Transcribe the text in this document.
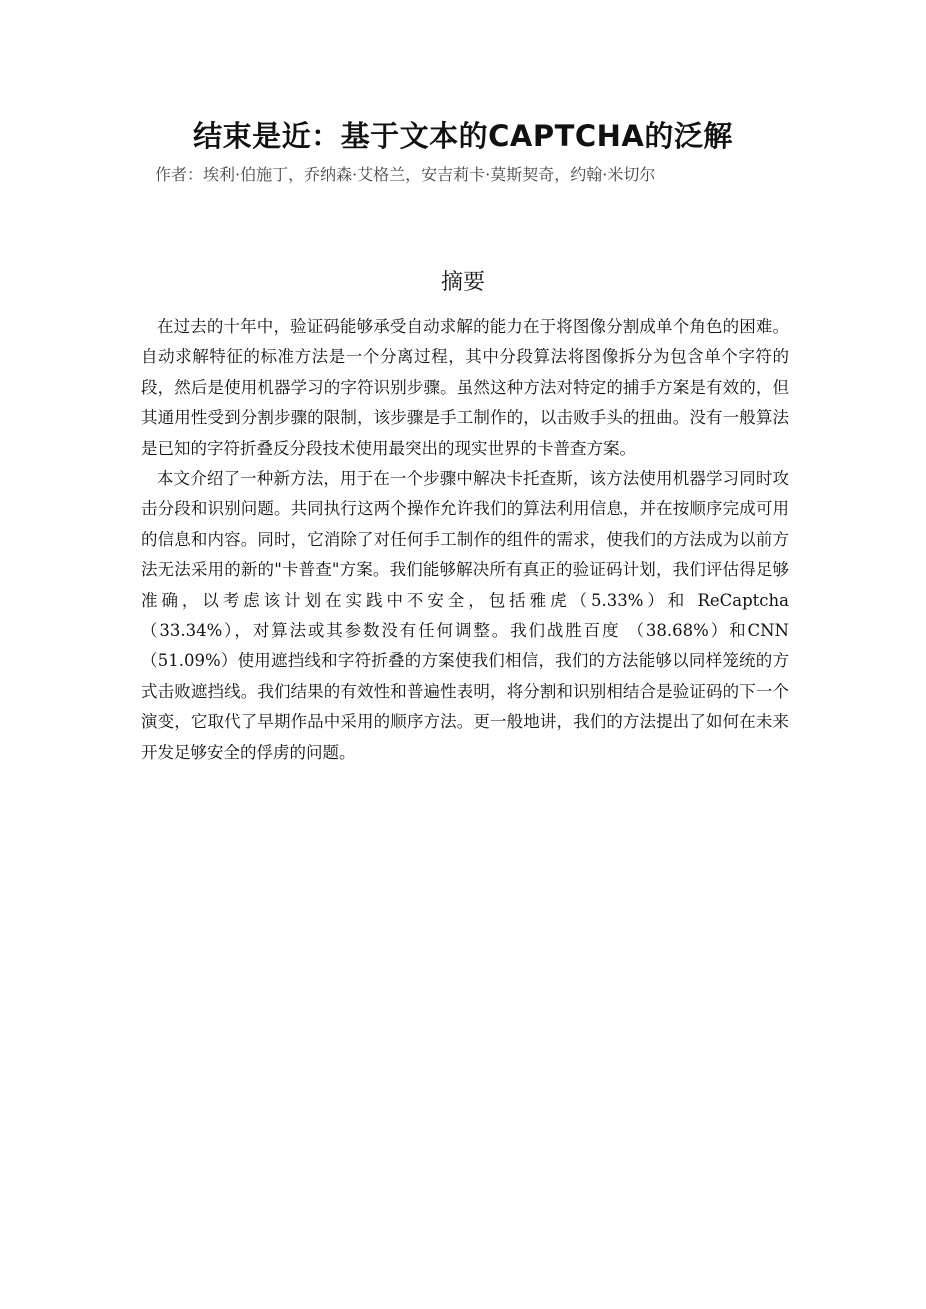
结束是近：基于文本的CAPTCHA的泛解
作者：埃利·伯施丁，乔纳森·艾格兰，安吉莉卡·莫斯契奇，约翰·米切尔
摘要

在过去的十年中，验证码能够承受自动求解的能力在于将图像分割成单个角色的困难。自动求解特征的标准方法是一个分离过程，其中分段算法将图像拆分为包含单个字符的段，然后是使用机器学习的字符识别步骤。虽然这种方法对特定的捕手方案是有效的，但其通用性受到分割步骤的限制，该步骤是手工制作的，以击败手头的扭曲。没有一般算法是已知的字符折叠反分段技术使用最突出的现实世界的卡普查方案。

本文介绍了一种新方法，用于在一个步骤中解决卡托查斯，该方法使用机器学习同时攻击分段和识别问题。共同执行这两个操作允许我们的算法利用信息，并在按顺序完成可用的信息和内容。同时，它消除了对任何手工制作的组件的需求，使我们的方法成为以前方法无法采用的新的"卡普查"方案。我们能够解决所有真正的验证码计划，我们评估得足够准确，以考虑该计划在实践中不安全，包括雅虎（5.33%）和 ReCaptcha （33.34%），对算法或其参数没有任何调整。我们战胜百度 （38.68%）和CNN （51.09%）使用遮挡线和字符折叠的方案使我们相信，我们的方法能够以同样笼统的方式击败遮挡线。我们结果的有效性和普遍性表明，将分割和识别相结合是验证码的下一个演变，它取代了早期作品中采用的顺序方法。更一般地讲，我们的方法提出了如何在未来开发足够安全的俘虏的问题。
